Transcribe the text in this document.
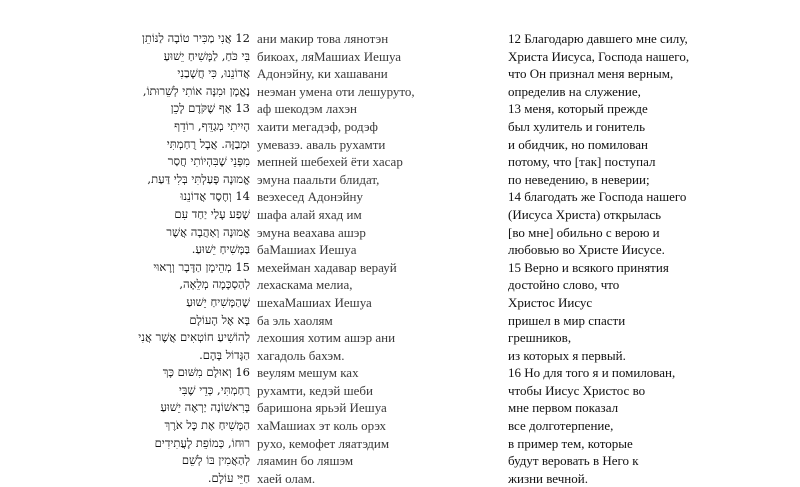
12 אֲנִי מַכִּיר טוֹבָה לַנּוֹתֵן
בִּי כֹּחַ, לַמָּשִׁיחַ יֵשׁוּעַ
אֲדוֹנֵנוּ, כִּי חֲשָׁבַנִי
נֶאֱמָן וּמִנָּה אוֹתִי לְשֵׁרוּתוֹ,
13 אַף שֶׁקֹּדֶם לָכֵן
הָיִיתִי מְגַדֵּף, רוֹדֵף
וּמְבַזֶּה. אֲבָל רֻחַמְתִּי
מִפְּנֵי שֶׁבִּהְיוֹתִי חֲסַר
אֱמוּנָה פָּעַלְתִּי בְּלִי דַּעַת,
14 וְחֶסֶד אֲדוֹנֵנוּ
שָׁפַע עָלַי יַחַד עִם
אֱמוּנָה וְאַהֲבָה אֲשֶׁר
בַּמָּשִׁיחַ יֵשׁוּעַ.
15 מְהֵימָן הַדָּבָר וְרָאוּי
לְהַסְכָּמָה מְלֵאָה,
שֶׁהַמָּשִׁיחַ יֵשׁוּעַ
בָּא אֶל הָעוֹלָם
לְהוֹשִׁיעַ חוֹטְאִים אֲשֶׁר אֲנִי
הַגָּדוֹל בָּהֶם.
16 וְאוּלָם מִשּׁוּם כָּךְ
רֻחַמְתִּי, כְּדֵי שֶׁבִּי
בָּרִאשׁוֹנָה יַרְאֶה יֵשׁוּעַ
הַמָּשִׁיחַ אֶת כָּל אֹרֶךְ
רוּחוֹ, כְּמוֹפֵת לָעֲתִידִים
לְהַאֲמִין בּוֹ לְשֵׁם
חַיֵּי עוֹלָם.
ани макир това лянотэн
бикоах, ляМашиах Иешуа
Адонэйну, ки хашавани
неэман умена оти лешуруто,
аф шекодэм лахэн
хаити мегадэф, родэф
умевазэ. аваль рухамти
мепней шебехей ёти хасар
эмуна паальти блидат,
веэхесед Адонэйну
шафа алай яхад им
эмуна веахава ашэр
баМашиах Иешуа
мехейман хадавар верауй
лехаскама мелиа,
шехаМашиах Иешуа
ба эль хаолям
лехошия хотим ашэр ани
хагадоль бахэм.
веулям мешум ках
рухамти, кедэй шеби
баришона ярьэй Иешуа
хаМашиах эт коль орэх
рухо, кемофет ляатэдим
ляамин бо ляшэм
хаей олам.
12 Благодарю давшего мне силу,
Христа Иисуса, Господа нашего,
что Он признал меня верным,
определив на служение,
13 меня, который прежде
был хулитель и гонитель
и обидчик, но помилован
потому, что [так] поступал
по неведению, в неверии;
14 благодать же Господа нашего
(Иисуса Христа) открылась
[во мне] обильно с верою и
любовью во Христе Иисусе.
15 Верно и всякого принятия
достойно слово, что
Христос Иисус
пришел в мир спасти
грешников,
из которых я первый.
16 Но для того я и помилован,
чтобы Иисус Христос во
мне первом показал
все долготерпение,
в пример тем, которые
будут веровать в Него к
жизни вечной.
